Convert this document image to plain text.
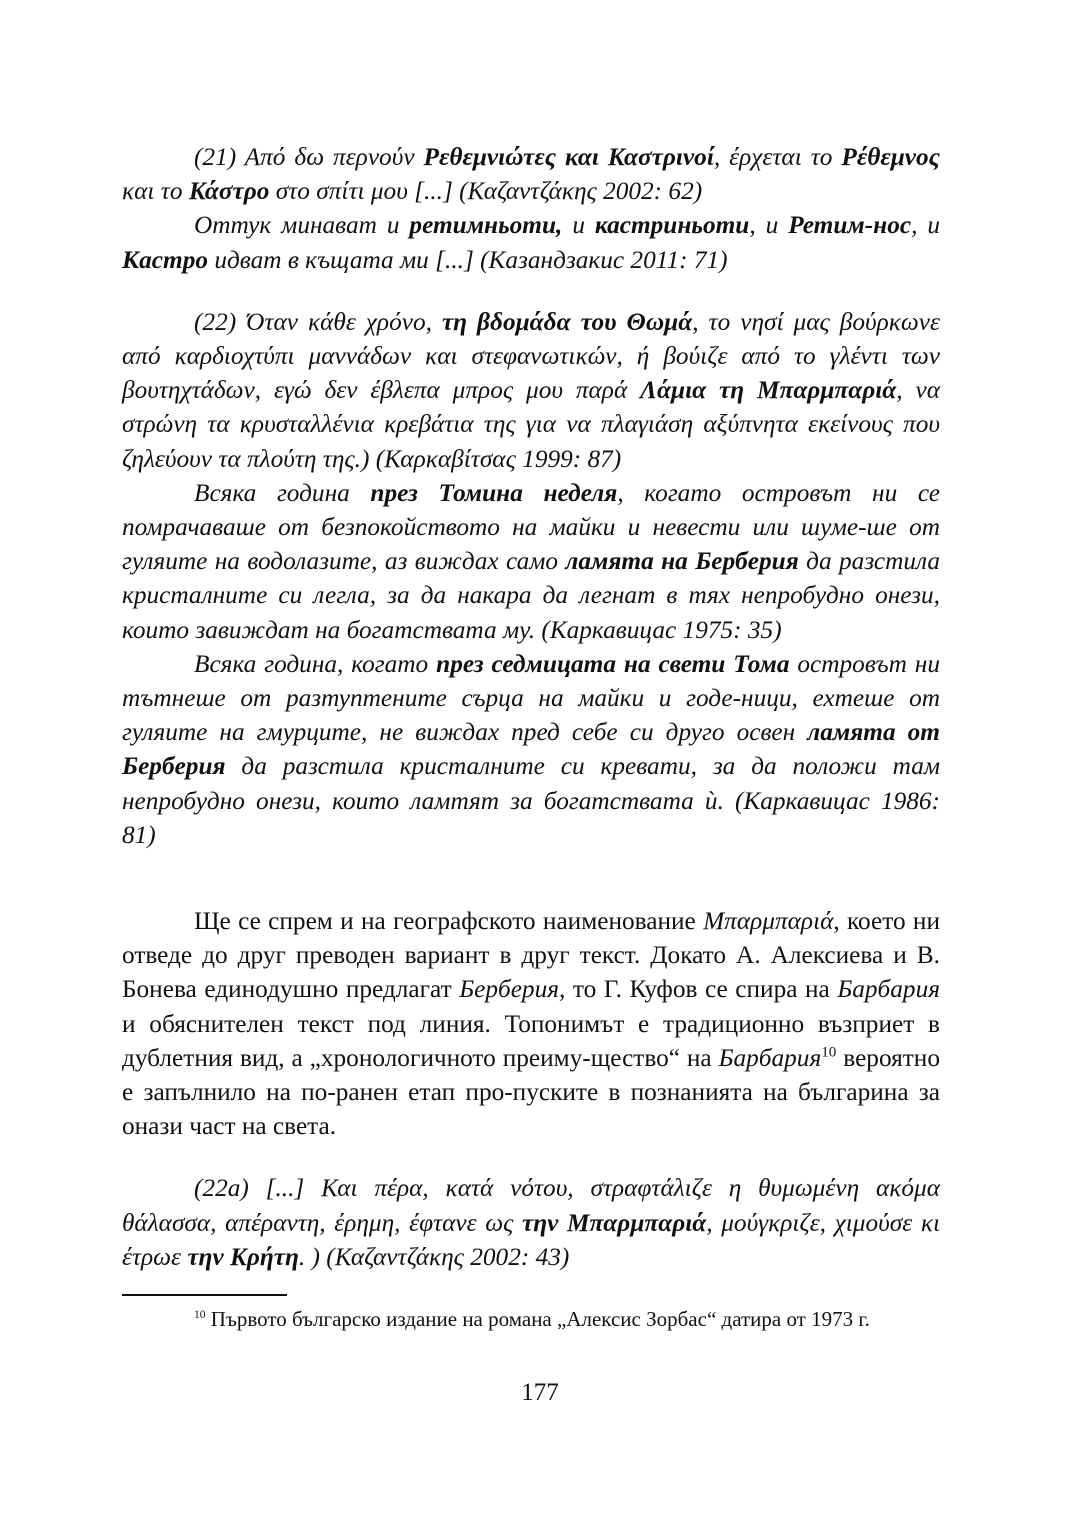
(21) Από δω περνούν Ρεθεμνιώτες και Καστρινοί, έρχεται το Ρέθεμνος και το Κάστρο στο σπίτι μου [...] (Καζαντζάκης 2002: 62)
Оттук минават и ретимньоти, и кастриньоти, и Ретим-нос, и Кастро идват в къщата ми [...] (Казандзакис 2011: 71)

(22) Όταν κάθε χρόνο, τη βδομάδα του Θωμά, το νησί μας βούρκωνε από καρδιοχτύπι μαννάδων και στεφανωτικών, ή βούιζε από το γλέντι των βουτηχτάδων, εγώ δεν έβλεπα μπρος μου παρά Λάμια τη Μπαρμπαριά, να στρώνη τα κρυσταλλένια κρεβάτια της για να πλαγιάση αξύπνητα εκείνους που ζηλεύουν τα πλούτη της.) (Καρκαβίτσας 1999: 87)
Всяка година през Томина неделя, когато островът ни се помрачаваше от безпокойството на майки и невести или шуме-ше от гуляите на водолазите, аз виждах само ламята на Берберия да разстила кристалните си легла, за да накара да легнат в тях непробудно онези, които завиждат на богатствата му. (Каркавицас 1975: 35)
Всяка година, когато през седмицата на свети Тома островът ни тътнеше от разтуптените сърца на майки и годе-ници, ехтеше от гуляите на гмурците, не виждах пред себе си друго освен ламята от Берберия да разстила кристалните си кревати, за да положи там непробудно онези, които ламтят за богатствата ѝ. (Каркавицас 1986: 81)

Ще се спрем и на географското наименование Μπαρμπαριά, което ни отведе до друг преводен вариант в друг текст. Докато А. Алексиева и В. Бонева единодушно предлагат Берберия, то Г. Куфов се спира на Барбария и обяснителен текст под линия. Топонимът е традиционно възприет в дублетния вид, а „хронологичното преиму-щество“ на Барбария$^{10}$ вероятно е запълнило на по-ранен етап про-пуските в познанията на българина за онази част на света.

(22a) [...] Και πέρα, κατά νότου, στραφτάλιζε η θυμωμένη ακόμα θάλασσα, απέραντη, έρημη, έφτανε ως την Μπαρμπαριά, μούγκριζε, χιμούσε κι έτρωε την Κρήτη. ) (Καζαντζάκης 2002: 43)

$^{10}$ Първото българско издание на романа „Алексис Зорбас“ датира от 1973 г.
177
